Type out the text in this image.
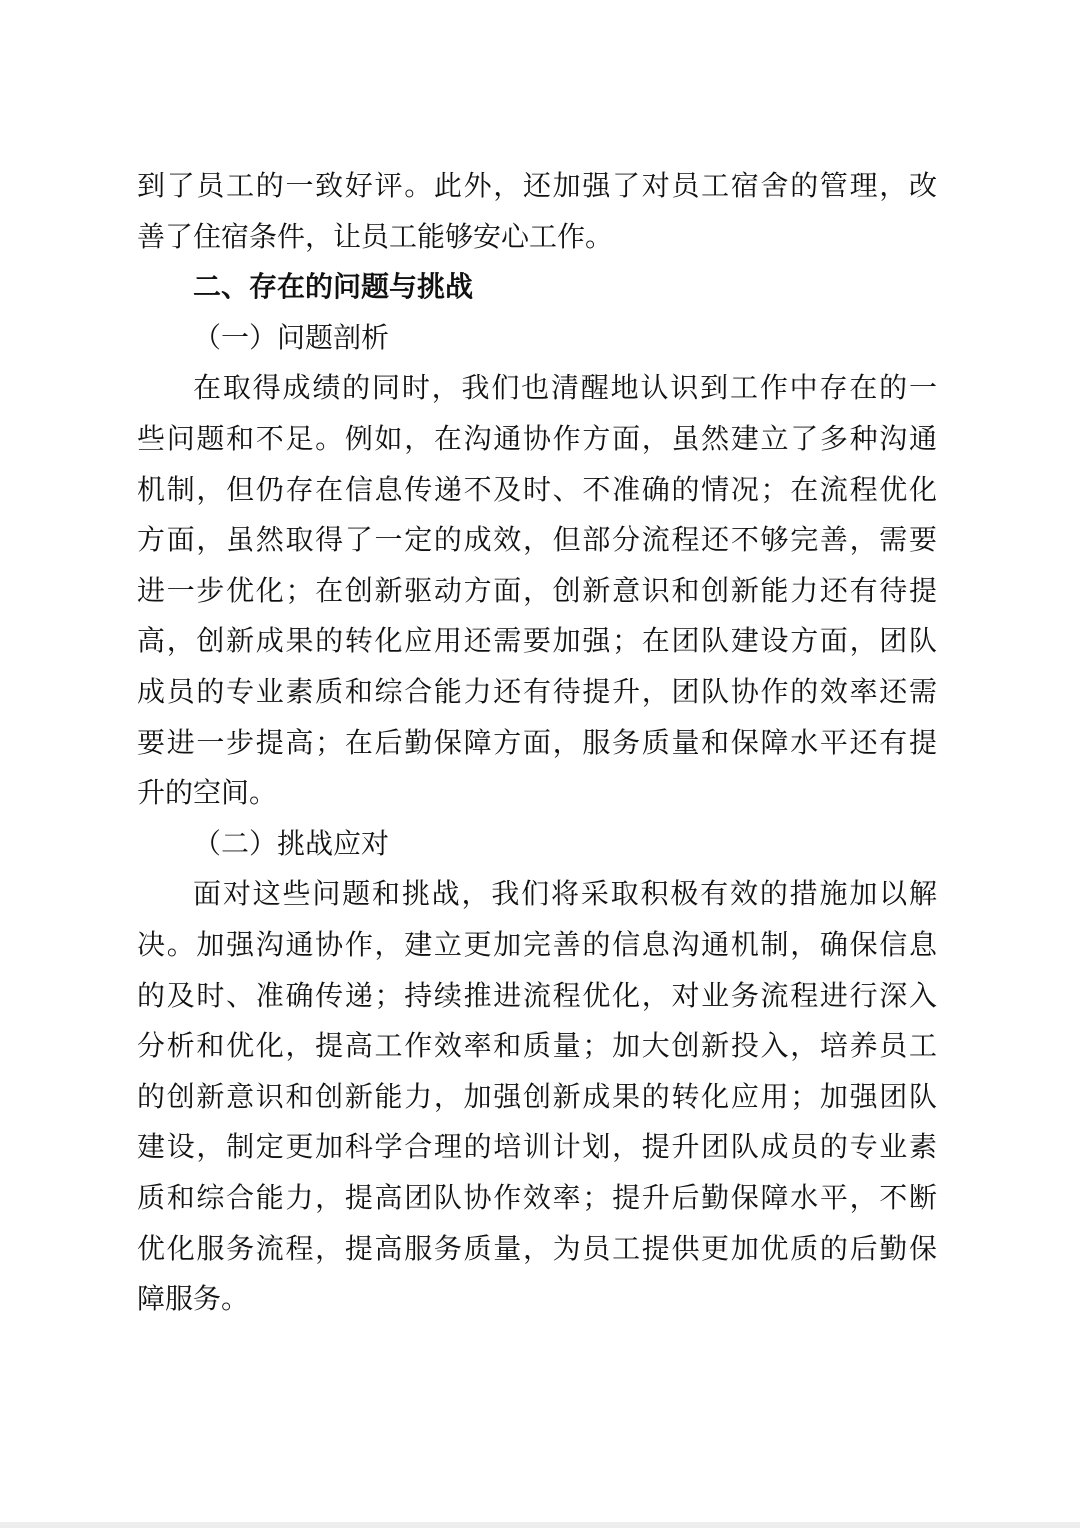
到了员工的一致好评。此外，还加强了对员工宿舍的管理，改
善了住宿条件，让员工能够安心工作。
二、存在的问题与挑战
（一）问题剖析
在取得成绩的同时，我们也清醒地认识到工作中存在的一
些问题和不足。例如，在沟通协作方面，虽然建立了多种沟通
机制，但仍存在信息传递不及时、不准确的情况；在流程优化
方面，虽然取得了一定的成效，但部分流程还不够完善，需要
进一步优化；在创新驱动方面，创新意识和创新能力还有待提
高，创新成果的转化应用还需要加强；在团队建设方面，团队
成员的专业素质和综合能力还有待提升，团队协作的效率还需
要进一步提高；在后勤保障方面，服务质量和保障水平还有提
升的空间。
（二）挑战应对
面对这些问题和挑战，我们将采取积极有效的措施加以解
决。加强沟通协作，建立更加完善的信息沟通机制，确保信息
的及时、准确传递；持续推进流程优化，对业务流程进行深入
分析和优化，提高工作效率和质量；加大创新投入，培养员工
的创新意识和创新能力，加强创新成果的转化应用；加强团队
建设，制定更加科学合理的培训计划，提升团队成员的专业素
质和综合能力，提高团队协作效率；提升后勤保障水平，不断
优化服务流程，提高服务质量，为员工提供更加优质的后勤保
障服务。
